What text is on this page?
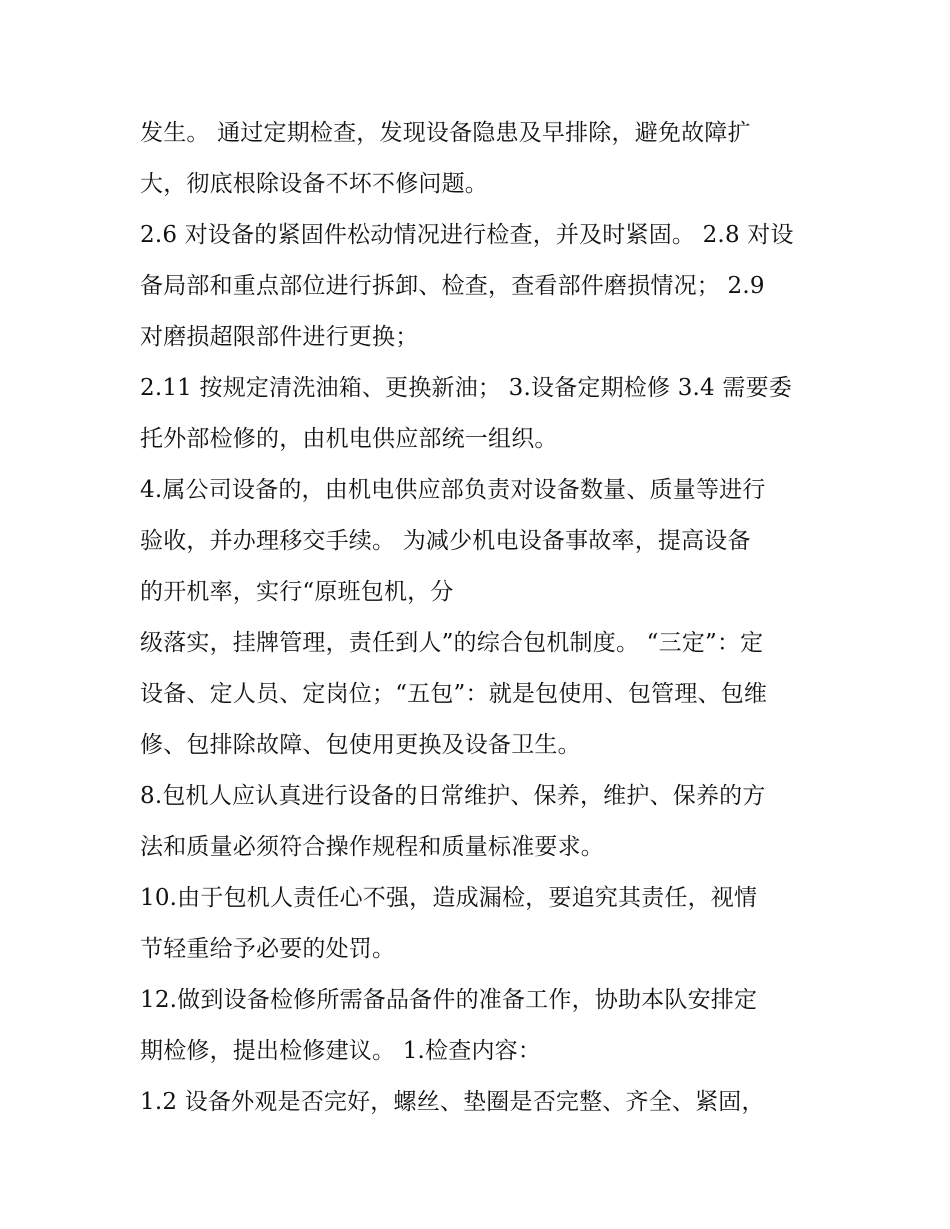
发生。 通过定期检查，发现设备隐患及早排除，避免故障扩
大，彻底根除设备不坏不修问题。
2.6 对设备的紧固件松动情况进行检查，并及时紧固。 2.8 对设
备局部和重点部位进行拆卸、检查，查看部件磨损情况； 2.9
对磨损超限部件进行更换；
2.11 按规定清洗油箱、更换新油； 3.设备定期检修 3.4 需要委
托外部检修的，由机电供应部统一组织。
4.属公司设备的，由机电供应部负责对设备数量、质量等进行
验收，并办理移交手续。 为减少机电设备事故率，提高设备
的开机率，实行“原班包机，分
级落实，挂牌管理，责任到人”的综合包机制度。 “三定”：定
设备、定人员、定岗位；“五包”：就是包使用、包管理、包维
修、包排除故障、包使用更换及设备卫生。
8.包机人应认真进行设备的日常维护、保养，维护、保养的方
法和质量必须符合操作规程和质量标准要求。
10.由于包机人责任心不强，造成漏检，要追究其责任，视情
节轻重给予必要的处罚。
12.做到设备检修所需备品备件的准备工作，协助本队安排定
期检修，提出检修建议。 1.检查内容：
1.2 设备外观是否完好，螺丝、垫圈是否完整、齐全、紧固，
